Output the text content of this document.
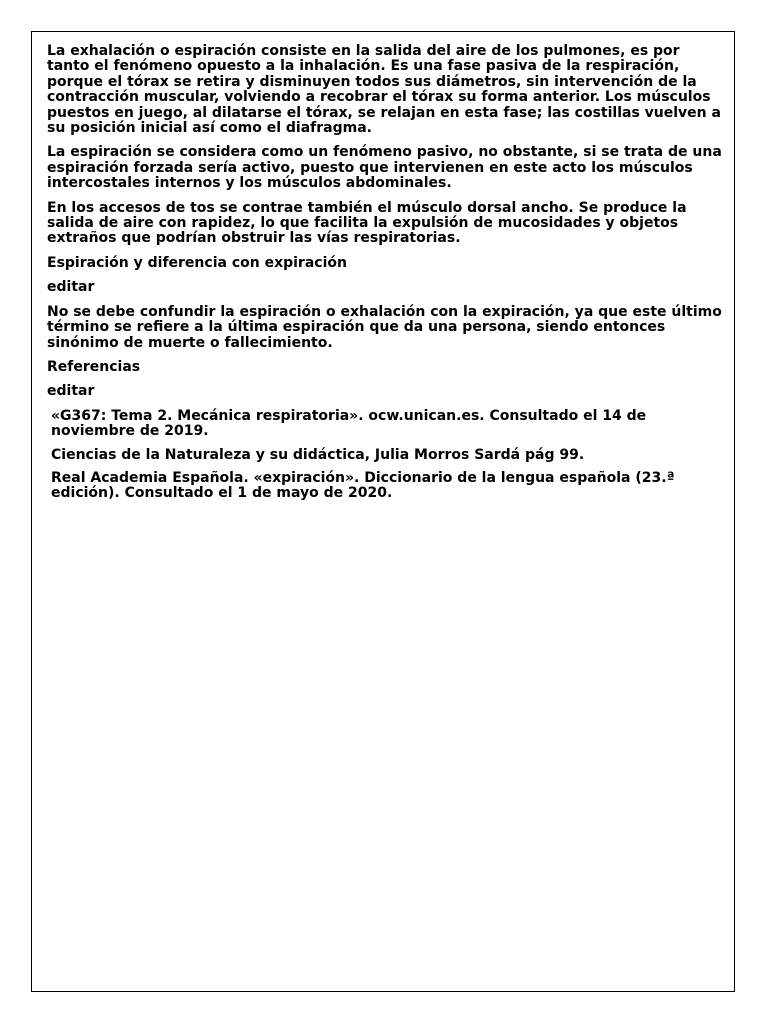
La exhalación o espiración consiste en la salida del aire de los pulmones, es por tanto el fenómeno opuesto a la inhalación. Es una fase pasiva de la respiración, porque el tórax se retira y disminuyen todos sus diámetros, sin intervención de la contracción muscular, volviendo a recobrar el tórax su forma anterior. Los músculos puestos en juego, al dilatarse el tórax, se relajan en esta fase; las costillas vuelven a su posición inicial así como el diafragma.

La espiración se considera como un fenómeno pasivo, no obstante, si se trata de una espiración forzada sería activo, puesto que intervienen en este acto los músculos intercostales internos y los músculos abdominales.

En los accesos de tos se contrae también el músculo dorsal ancho. Se produce la salida de aire con rapidez, lo que facilita la expulsión de mucosidades y objetos extraños que podrían obstruir las vías respiratorias.

Espiración y diferencia con expiración

editar

No se debe confundir la espiración o exhalación con la expiración, ya que este último término se refiere a la última espiración que da una persona, siendo entonces sinónimo de muerte o fallecimiento.

Referencias

editar

«G367: Tema 2. Mecánica respiratoria». ocw.unican.es. Consultado el 14 de noviembre de 2019.

Ciencias de la Naturaleza y su didáctica, Julia Morros Sardá pág 99.

Real Academia Española. «expiración». Diccionario de la lengua española (23.ª edición). Consultado el 1 de mayo de 2020.
